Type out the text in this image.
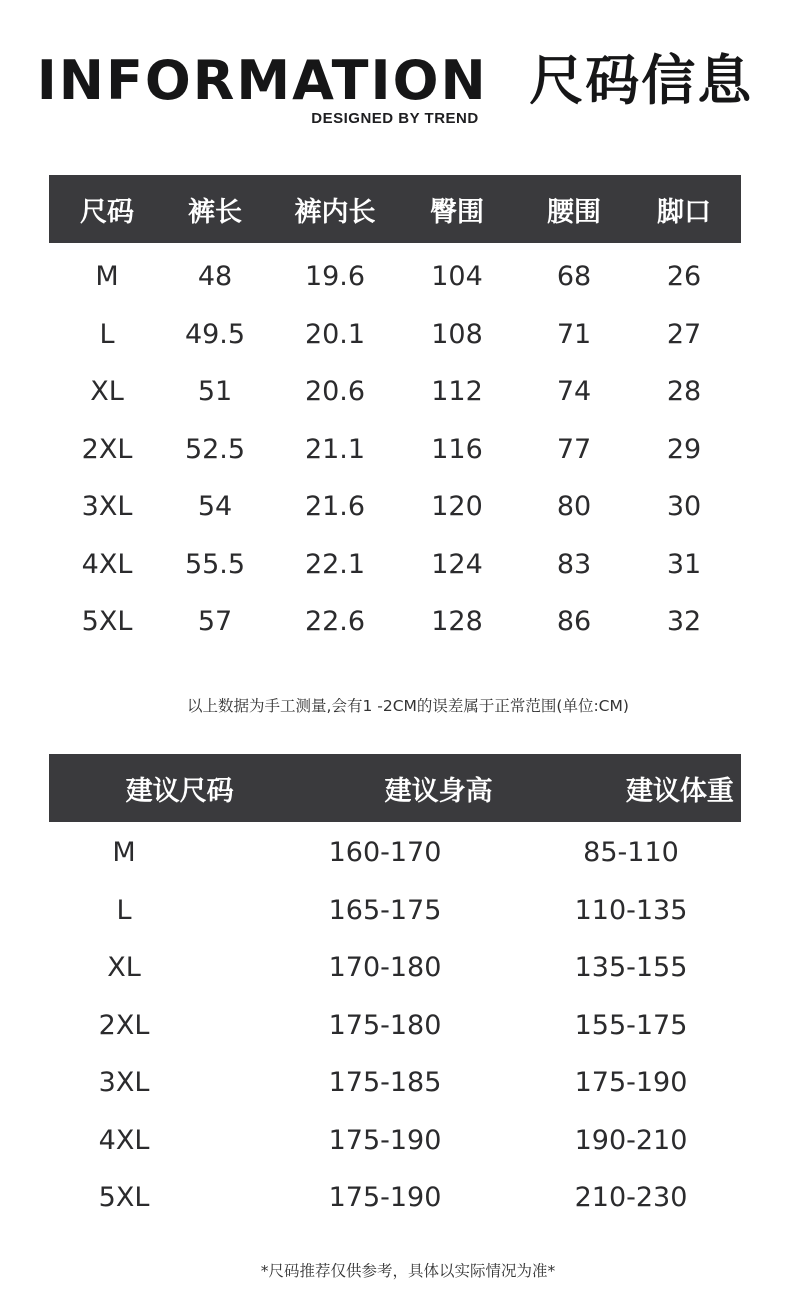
INFORMATION  尺码信息
DESIGNED BY TREND
尺码	裤长	裤内长	臀围	腰围	脚口
M	48	19.6	104	68	26
L	49.5	20.1	108	71	27
XL	51	20.6	112	74	28
2XL	52.5	21.1	116	77	29
3XL	54	21.6	120	80	30
4XL	55.5	22.1	124	83	31
5XL	57	22.6	128	86	32
以上数据为手工测量,会有1 -2CM的误差属于正常范围(单位:CM)
建议尺码	建议身高	建议体重
M	160-170	85-110
L	165-175	110-135
XL	170-180	135-155
2XL	175-180	155-175
3XL	175-185	175-190
4XL	175-190	190-210
5XL	175-190	210-230
*尺码推荐仅供参考，具体以实际情况为准*
